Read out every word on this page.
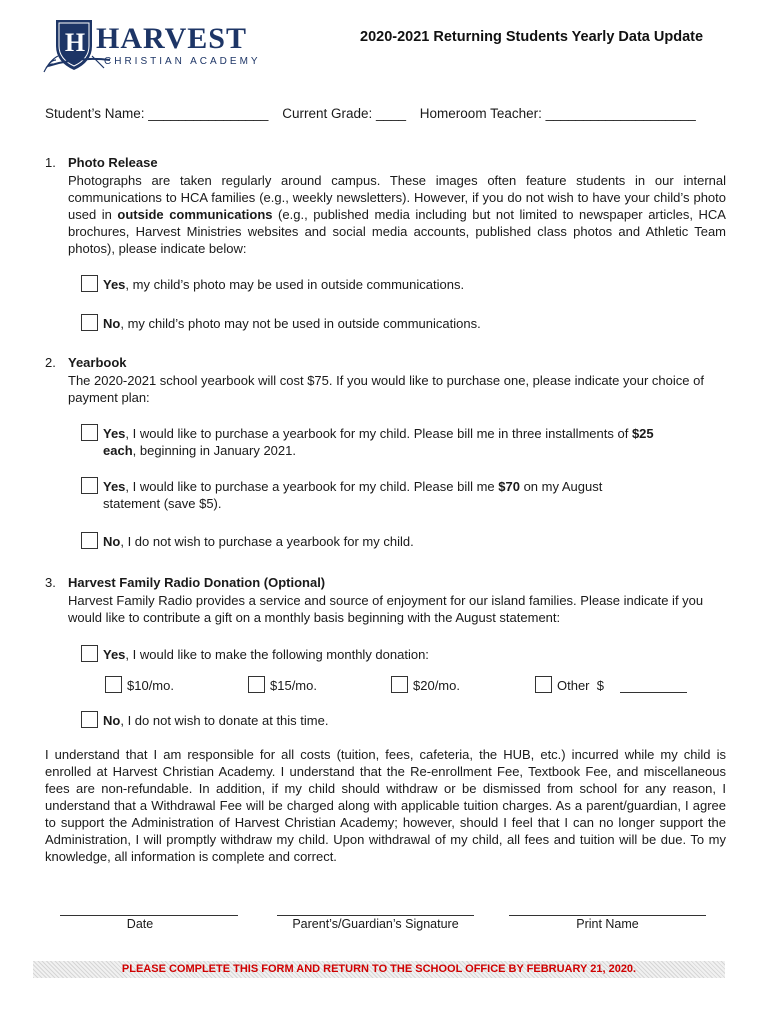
H HARVEST
CHRISTIAN ACADEMY
2020-2021 Returning Students Yearly Data Update
Student’s Name: ________________ Current Grade: ____ Homeroom Teacher: ____________________
1. Photo Release
Photographs are taken regularly around campus. These images often feature students in our internal communications to HCA families (e.g., weekly newsletters). However, if you do not wish to have your child’s photo used in outside communications (e.g., published media including but not limited to newspaper articles, HCA brochures, Harvest Ministries websites and social media accounts, published class photos and Athletic Team photos), please indicate below:
Yes, my child’s photo may be used in outside communications.
No, my child’s photo may not be used in outside communications.
2. Yearbook
The 2020-2021 school yearbook will cost $75. If you would like to purchase one, please indicate your choice of payment plan:
Yes, I would like to purchase a yearbook for my child. Please bill me in three installments of $25 each, beginning in January 2021.
Yes, I would like to purchase a yearbook for my child. Please bill me $70 on my August statement (save $5).
No, I do not wish to purchase a yearbook for my child.
3. Harvest Family Radio Donation (Optional)
Harvest Family Radio provides a service and source of enjoyment for our island families. Please indicate if you would like to contribute a gift on a monthly basis beginning with the August statement:
Yes, I would like to make the following monthly donation:
$10/mo.	$15/mo.	$20/mo.	Other  $
No, I do not wish to donate at this time.
I understand that I am responsible for all costs (tuition, fees, cafeteria, the HUB, etc.) incurred while my child is enrolled at Harvest Christian Academy. I understand that the Re-enrollment Fee, Textbook Fee, and miscellaneous fees are non-refundable. In addition, if my child should withdraw or be dismissed from school for any reason, I understand that a Withdrawal Fee will be charged along with applicable tuition charges. As a parent/guardian, I agree to support the Administration of Harvest Christian Academy; however, should I feel that I can no longer support the Administration, I will promptly withdraw my child. Upon withdrawal of my child, all fees and tuition will be due. To my knowledge, all information is complete and correct.
Date	Parent’s/Guardian’s Signature	Print Name
PLEASE COMPLETE THIS FORM AND RETURN TO THE SCHOOL OFFICE BY FEBRUARY 21, 2020.
